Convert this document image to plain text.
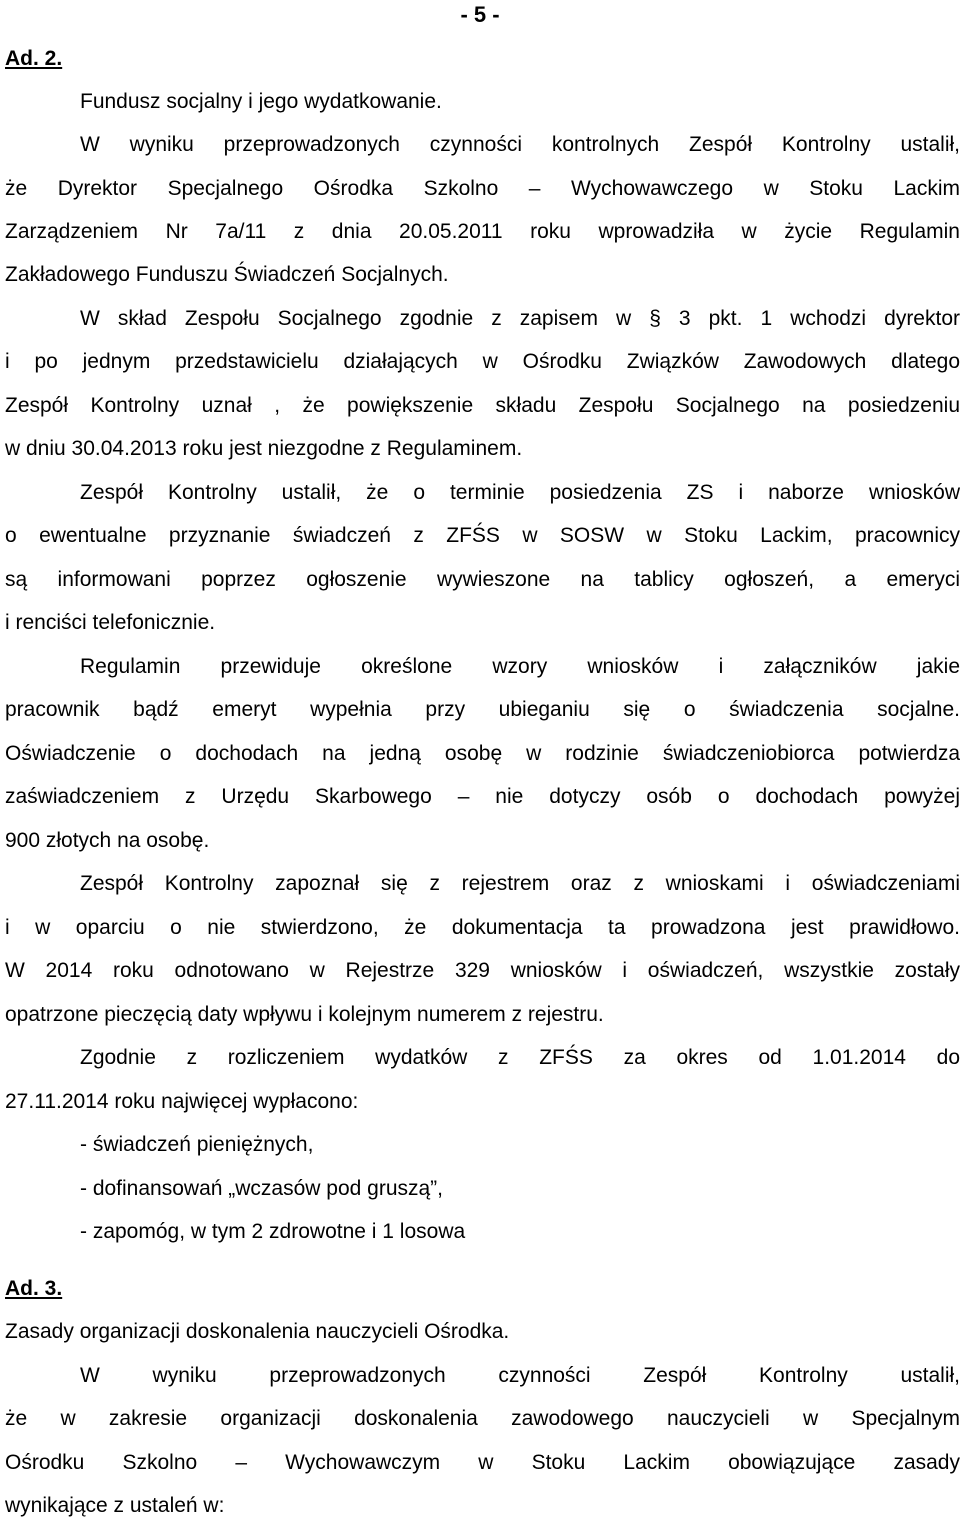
- 5 -
Ad. 2.
Fundusz socjalny i jego wydatkowanie.
W wyniku przeprowadzonych czynności kontrolnych Zespół Kontrolny ustalił,
że Dyrektor Specjalnego Ośrodka Szkolno – Wychowawczego w Stoku Lackim
Zarządzeniem Nr 7a/11 z dnia 20.05.2011 roku wprowadziła w życie Regulamin
Zakładowego Funduszu Świadczeń Socjalnych.
W skład Zespołu Socjalnego zgodnie z zapisem w § 3 pkt. 1 wchodzi dyrektor
i po jednym przedstawicielu działających w Ośrodku Związków Zawodowych dlatego
Zespół Kontrolny uznał , że powiększenie składu Zespołu Socjalnego na posiedzeniu
w dniu 30.04.2013 roku jest niezgodne z Regulaminem.
Zespół Kontrolny ustalił, że o terminie posiedzenia ZS i naborze wniosków
o ewentualne przyznanie świadczeń z ZFŚS w SOSW w Stoku Lackim, pracownicy
są informowani poprzez ogłoszenie wywieszone na tablicy ogłoszeń, a emeryci
i renciści telefonicznie.
Regulamin przewiduje określone wzory wniosków i załączników jakie
pracownik bądź emeryt wypełnia przy ubieganiu się o świadczenia socjalne.
Oświadczenie o dochodach na jedną osobę w rodzinie świadczeniobiorca potwierdza
zaświadczeniem z Urzędu Skarbowego – nie dotyczy osób o dochodach powyżej
900 złotych na osobę.
Zespół Kontrolny zapoznał się z rejestrem oraz z wnioskami i oświadczeniami
i w oparciu o nie stwierdzono, że dokumentacja ta prowadzona jest prawidłowo.
W 2014 roku odnotowano w Rejestrze 329 wniosków i oświadczeń, wszystkie zostały
opatrzone pieczęcią daty wpływu i kolejnym numerem z rejestru.
Zgodnie z rozliczeniem wydatków z ZFŚS za okres od 1.01.2014 do
27.11.2014 roku najwięcej wypłacono:
- świadczeń pieniężnych,
- dofinansowań „wczasów pod gruszą”,
- zapomóg, w tym 2 zdrowotne i 1 losowa
Ad. 3.
Zasady organizacji doskonalenia nauczycieli Ośrodka.
W wyniku przeprowadzonych czynności Zespół Kontrolny ustalił,
że w zakresie organizacji doskonalenia zawodowego nauczycieli w Specjalnym
Ośrodku Szkolno – Wychowawczym w Stoku Lackim obowiązujące zasady
wynikające z ustaleń w:
